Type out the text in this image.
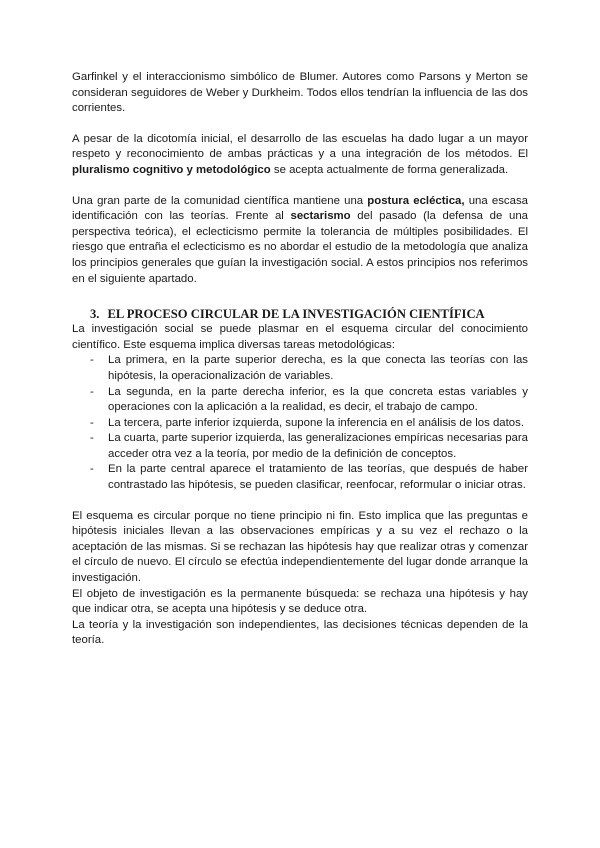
Garfinkel y el interaccionismo simbólico de Blumer. Autores como Parsons y Merton se consideran seguidores de Weber y Durkheim. Todos ellos tendrían la influencia de las dos corrientes.

A pesar de la dicotomía inicial, el desarrollo de las escuelas ha dado lugar a un mayor respeto y reconocimiento de ambas prácticas y a una integración de los métodos. El pluralismo cognitivo y metodológico se acepta actualmente de forma generalizada.

Una gran parte de la comunidad científica mantiene una postura ecléctica, una escasa identificación con las teorías. Frente al sectarismo del pasado (la defensa de una perspectiva teórica), el eclecticismo permite la tolerancia de múltiples posibilidades. El riesgo que entraña el eclecticismo es no abordar el estudio de la metodología que analiza los principios generales que guían la investigación social. A estos principios nos referimos en el siguiente apartado.

3. EL PROCESO CIRCULAR DE LA INVESTIGACIÓN CIENTÍFICA

La investigación social se puede plasmar en el esquema circular del conocimiento científico. Este esquema implica diversas tareas metodológicas:

- La primera, en la parte superior derecha, es la que conecta las teorías con las hipótesis, la operacionalización de variables.
- La segunda, en la parte derecha inferior, es la que concreta estas variables y operaciones con la aplicación a la realidad, es decir, el trabajo de campo.
- La tercera, parte inferior izquierda, supone la inferencia en el análisis de los datos.
- La cuarta, parte superior izquierda, las generalizaciones empíricas necesarias para acceder otra vez a la teoría, por medio de la definición de conceptos.
- En la parte central aparece el tratamiento de las teorías, que después de haber contrastado las hipótesis, se pueden clasificar, reenfocar, reformular o iniciar otras.

El esquema es circular porque no tiene principio ni fin. Esto implica que las preguntas e hipótesis iniciales llevan a las observaciones empíricas y a su vez el rechazo o la aceptación de las mismas. Si se rechazan las hipótesis hay que realizar otras y comenzar el círculo de nuevo. El círculo se efectúa independientemente del lugar donde arranque la investigación.

El objeto de investigación es la permanente búsqueda: se rechaza una hipótesis y hay que indicar otra, se acepta una hipótesis y se deduce otra.

La teoría y la investigación son independientes, las decisiones técnicas dependen de la teoría.
